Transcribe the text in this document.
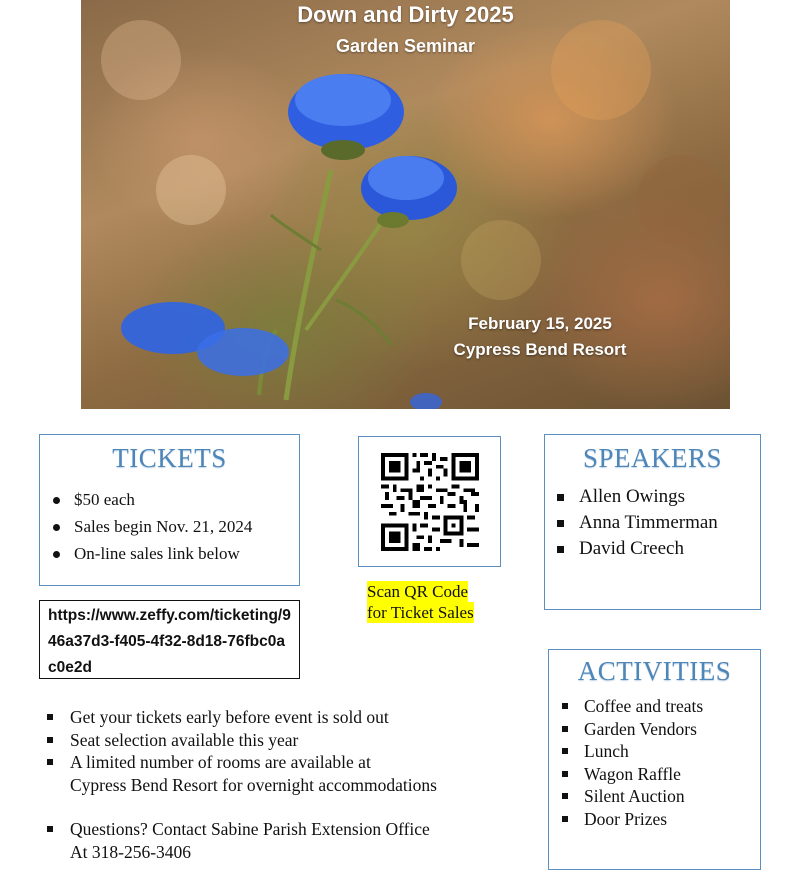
Down and Dirty 2025
Garden Seminar
February 15, 2025
Cypress Bend Resort
TICKETS
$50 each
Sales begin Nov. 21, 2024
On-line sales link below
Scan QR Code
for Ticket Sales
SPEAKERS
Allen Owings
Anna Timmerman
David Creech
https://www.zeffy.com/ticketing/946a37d3-f405-4f32-8d18-76fbc0ac0e2d
Get your tickets early before event is sold out
Seat selection available this year
A limited number of rooms are available at
Cypress Bend Resort for overnight accommodations
Questions? Contact Sabine Parish Extension Office
At 318-256-3406
ACTIVITIES
Coffee and treats
Garden Vendors
Lunch
Wagon Raffle
Silent Auction
Door Prizes
